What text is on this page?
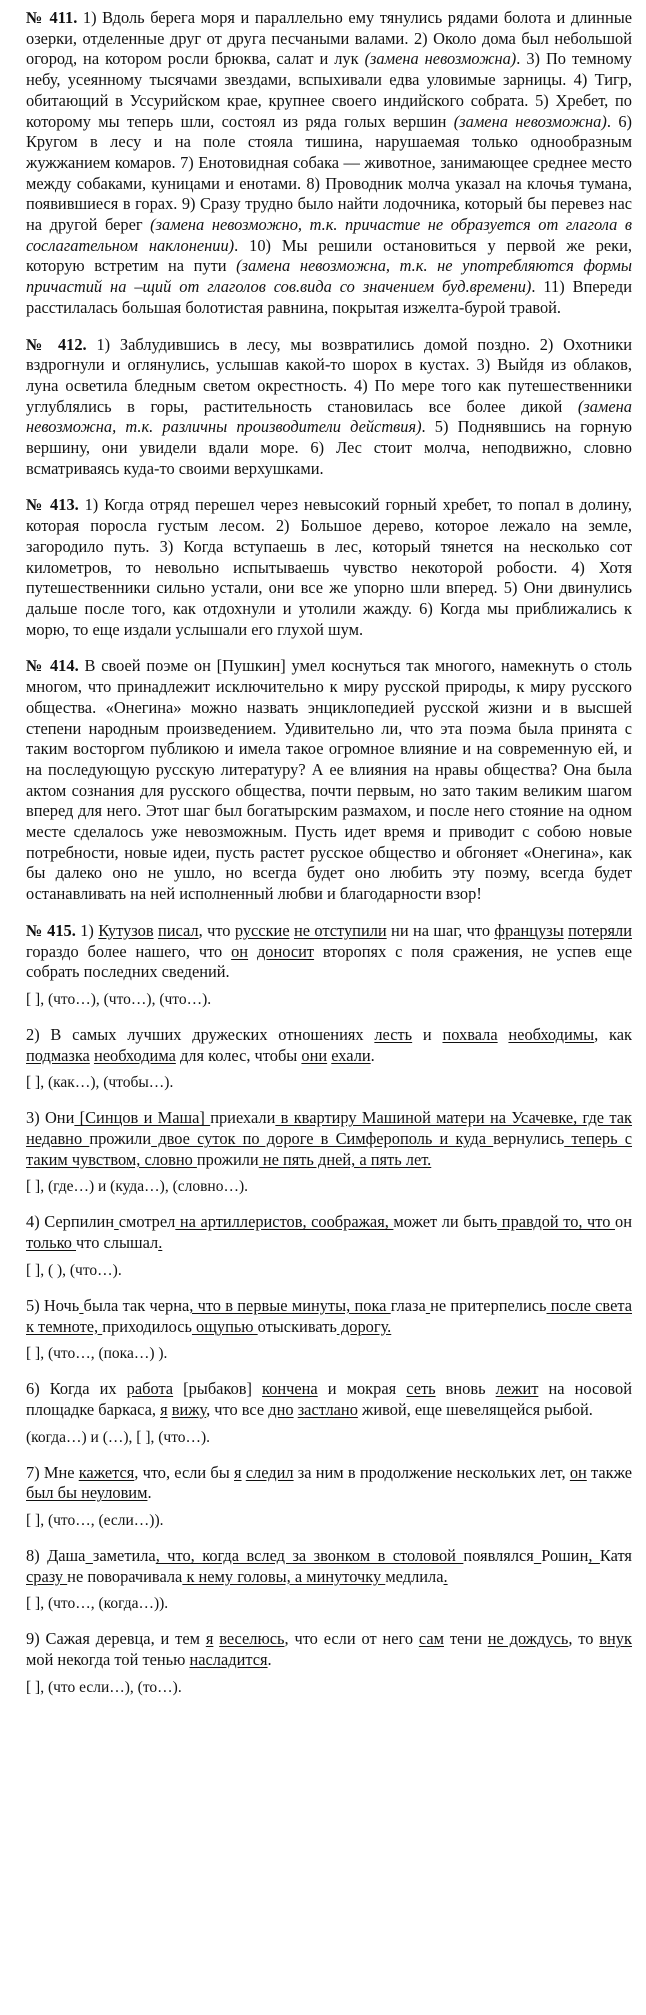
№ 411. 1) Вдоль берега моря и параллельно ему тянулись рядами болота и длинные озерки, отделенные друг от друга песчаными валами. 2) Около дома был небольшой огород, на котором росли брюква, салат и лук (замена невозможна). 3) По темному небу, усеянному тысячами звездами, вспыхивали едва уловимые зарницы. 4) Тигр, обитающий в Уссурийском крае, крупнее своего индийского собрата. 5) Хребет, по которому мы теперь шли, состоял из ряда голых вершин (замена невозможна). 6) Кругом в лесу и на поле стояла тишина, нарушаемая только однообразным жужжанием комаров. 7) Енотовидная собака — животное, занимающее среднее место между собаками, куницами и енотами. 8) Проводник молча указал на клочья тумана, появившиеся в горах. 9) Сразу трудно было найти лодочника, который бы перевез нас на другой берег (замена невозможно, т.к. причастие не образуется от глагола в сослагательном наклонении). 10) Мы решили остановиться у первой же реки, которую встретим на пути (замена невозможна, т.к. не употребляются формы причастий на –щий от глаголов сов.вида со значением буд.времени). 11) Впереди расстилалась большая болотистая равнина, покрытая изжелта-бурой травой.

№ 412. 1) Заблудившись в лесу, мы возвратились домой поздно. 2) Охотники вздрогнули и оглянулись, услышав какой-то шорох в кустах. 3) Выйдя из облаков, луна осветила бледным светом окрестность. 4) По мере того как путешественники углублялись в горы, растительность становилась все более дикой (замена невозможна, т.к. различны производители действия). 5) Поднявшись на горную вершину, они увидели вдали море. 6) Лес стоит молча, неподвижно, словно всматриваясь куда-то своими верхушками.

№ 413. 1) Когда отряд перешел через невысокий горный хребет, то попал в долину, которая поросла густым лесом. 2) Большое дерево, которое лежало на земле, загородило путь. 3) Когда вступаешь в лес, который тянется на несколько сот километров, то невольно испытываешь чувство некоторой робости. 4) Хотя путешественники сильно устали, они все же упорно шли вперед. 5) Они двинулись дальше после того, как отдохнули и утолили жажду. 6) Когда мы приближались к морю, то еще издали услышали его глухой шум.

№ 414. В своей поэме он [Пушкин] умел коснуться так многого, намекнуть о столь многом, что принадлежит исключительно к миру русской природы, к миру русского общества. «Онегина» можно назвать энциклопедией русской жизни и в высшей степени народным произведением. Удивительно ли, что эта поэма была принята с таким восторгом публикою и имела такое огромное влияние и на современную ей, и на последующую русскую литературу? А ее влияния на нравы общества? Она была актом сознания для русского общества, почти первым, но зато таким великим шагом вперед для него. Этот шаг был богатырским размахом, и после него стояние на одном месте сделалось уже невозможным. Пусть идет время и приводит с собою новые потребности, новые идеи, пусть растет русское общество и обгоняет «Онегина», как бы далеко оно не ушло, но всегда будет оно любить эту поэму, всегда будет останавливать на ней исполненный любви и благодарности взор!

№ 415. 1) Кутузов писал, что русские не отступили ни на шаг, что французы потеряли гораздо более нашего, что он доносит второпях с поля сражения, не успев еще собрать последних сведений.

[ ], (что…), (что…), (что…).

2) В самых лучших дружеских отношениях лесть и похвала необходимы, как подмазка необходима для колес, чтобы они ехали.

[ ], (как…), (чтобы…).

3) Они [Синцов и Маша] приехали в квартиру Машиной матери на Усачевке, где так недавно прожили двое суток по дороге в Симферополь и куда вернулись теперь с таким чувством, словно прожили не пять дней, а пять лет.

[ ], (где…) и (куда…), (словно…).

4) Серпилин смотрел на артиллеристов, соображая, может ли быть правдой то, что он только что слышал.

[ ], ( ), (что…).

5) Ночь была так черна, что в первые минуты, пока глаза не притерпелись после света к темноте, приходилось ощупью отыскивать дорогу.

[ ], (что…, (пока…) ).

6) Когда их работа [рыбаков] кончена и мокрая сеть вновь лежит на носовой площадке баркаса, я вижу, что все дно застлано живой, еще шевелящейся рыбой.

(когда…) и (…), [ ], (что…).

7) Мне кажется, что, если бы я следил за ним в продолжение нескольких лет, он также был бы неуловим.

[ ], (что…, (если…)).

8) Даша заметила, что, когда вслед за звонком в столовой появлялся Рошин, Катя сразу не поворачивала к нему головы, а минуточку медлила.

[ ], (что…, (когда…)).

9) Сажая деревца, и тем я веселюсь, что если от него сам тени не дождусь, то внук мой некогда той тенью насладится.

[ ], (что если…), (то…).
